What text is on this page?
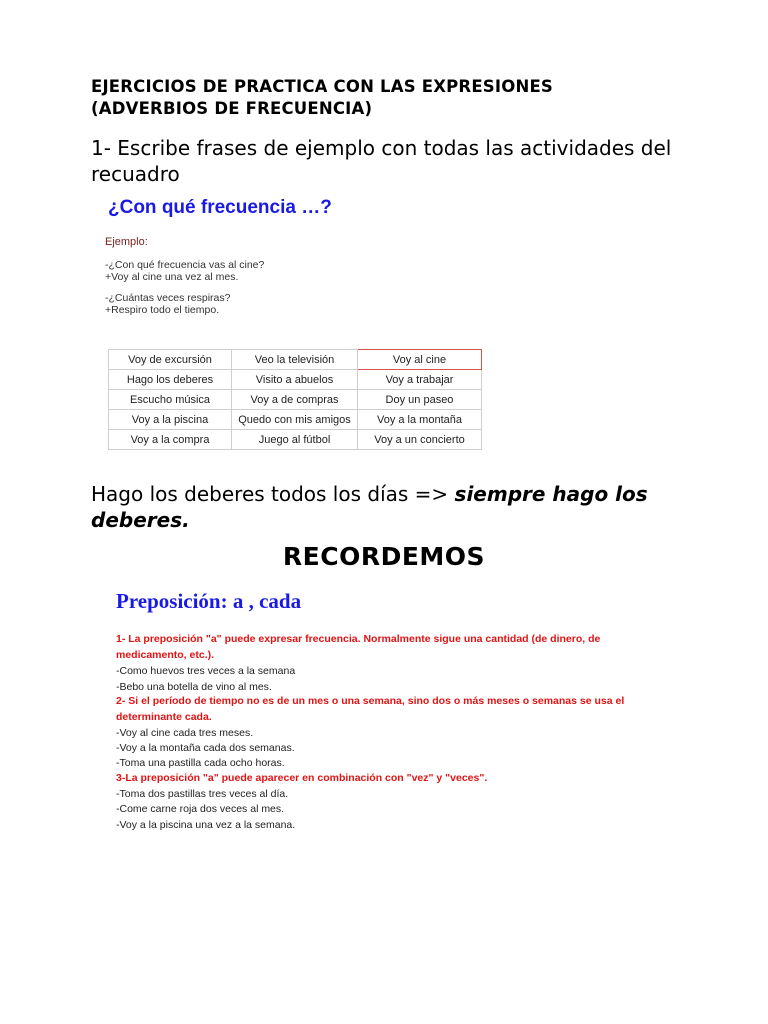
EJERCICIOS DE PRACTICA CON LAS EXPRESIONES
(ADVERBIOS DE FRECUENCIA)
1- Escribe frases de ejemplo con todas las actividades del recuadro
¿Con qué frecuencia …?
Ejemplo:
-¿Con qué frecuencia vas al cine?
+Voy al cine una vez al mes.
-¿Cuántas veces respiras?
+Respiro todo el tiempo.
Voy de excursión	Veo la televisión	Voy al cine
Hago los deberes	Visito a abuelos	Voy a trabajar
Escucho música	Voy a de compras	Doy un paseo
Voy a la piscina	Quedo con mis amigos	Voy a la montaña
Voy a la compra	Juego al fútbol	Voy a un concierto
Hago los deberes todos los días => siempre hago los deberes.
RECORDEMOS
Preposición: a , cada
1- La preposición "a" puede expresar frecuencia. Normalmente sigue una cantidad (de dinero, de medicamento, etc.).
-Como huevos tres veces a la semana
-Bebo una botella de vino al mes.
2- Si el período de tiempo no es de un mes o una semana, sino dos o más meses o semanas se usa el determinante cada.
-Voy al cine cada tres meses.
-Voy a la montaña cada dos semanas.
-Toma una pastilla cada ocho horas.
3-La preposición "a" puede aparecer en combinación con "vez" y "veces".
-Toma dos pastillas tres veces al día.
-Come carne roja dos veces al mes.
-Voy a la piscina una vez a la semana.
